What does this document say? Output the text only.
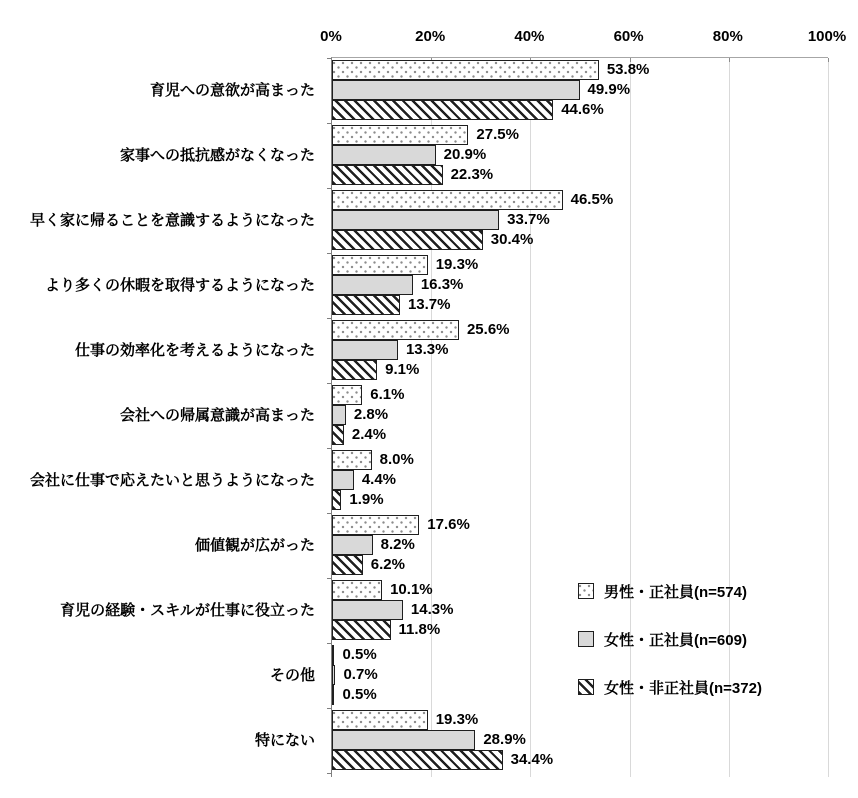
0%	20%	40%	60%	80%	100%
53.8%
49.9%
44.6%
27.5%
20.9%
22.3%
46.5%
33.7%
30.4%
19.3%
16.3%
13.7%
25.6%
13.3%
9.1%
6.1%
2.8%
2.4%
8.0%
4.4%
1.9%
17.6%
8.2%
6.2%
10.1%
14.3%
11.8%
0.5%
0.7%
0.5%
19.3%
28.9%
34.4%
育児への意欲が高まった
家事への抵抗感がなくなった
早く家に帰ることを意識するようになった
より多くの休暇を取得するようになった
仕事の効率化を考えるようになった
会社への帰属意識が高まった
会社に仕事で応えたいと思うようになった
価値観が広がった
育児の経験・スキルが仕事に役立った
その他
特にない
男性・正社員(n=574)
女性・正社員(n=609)
女性・非正社員(n=372)
